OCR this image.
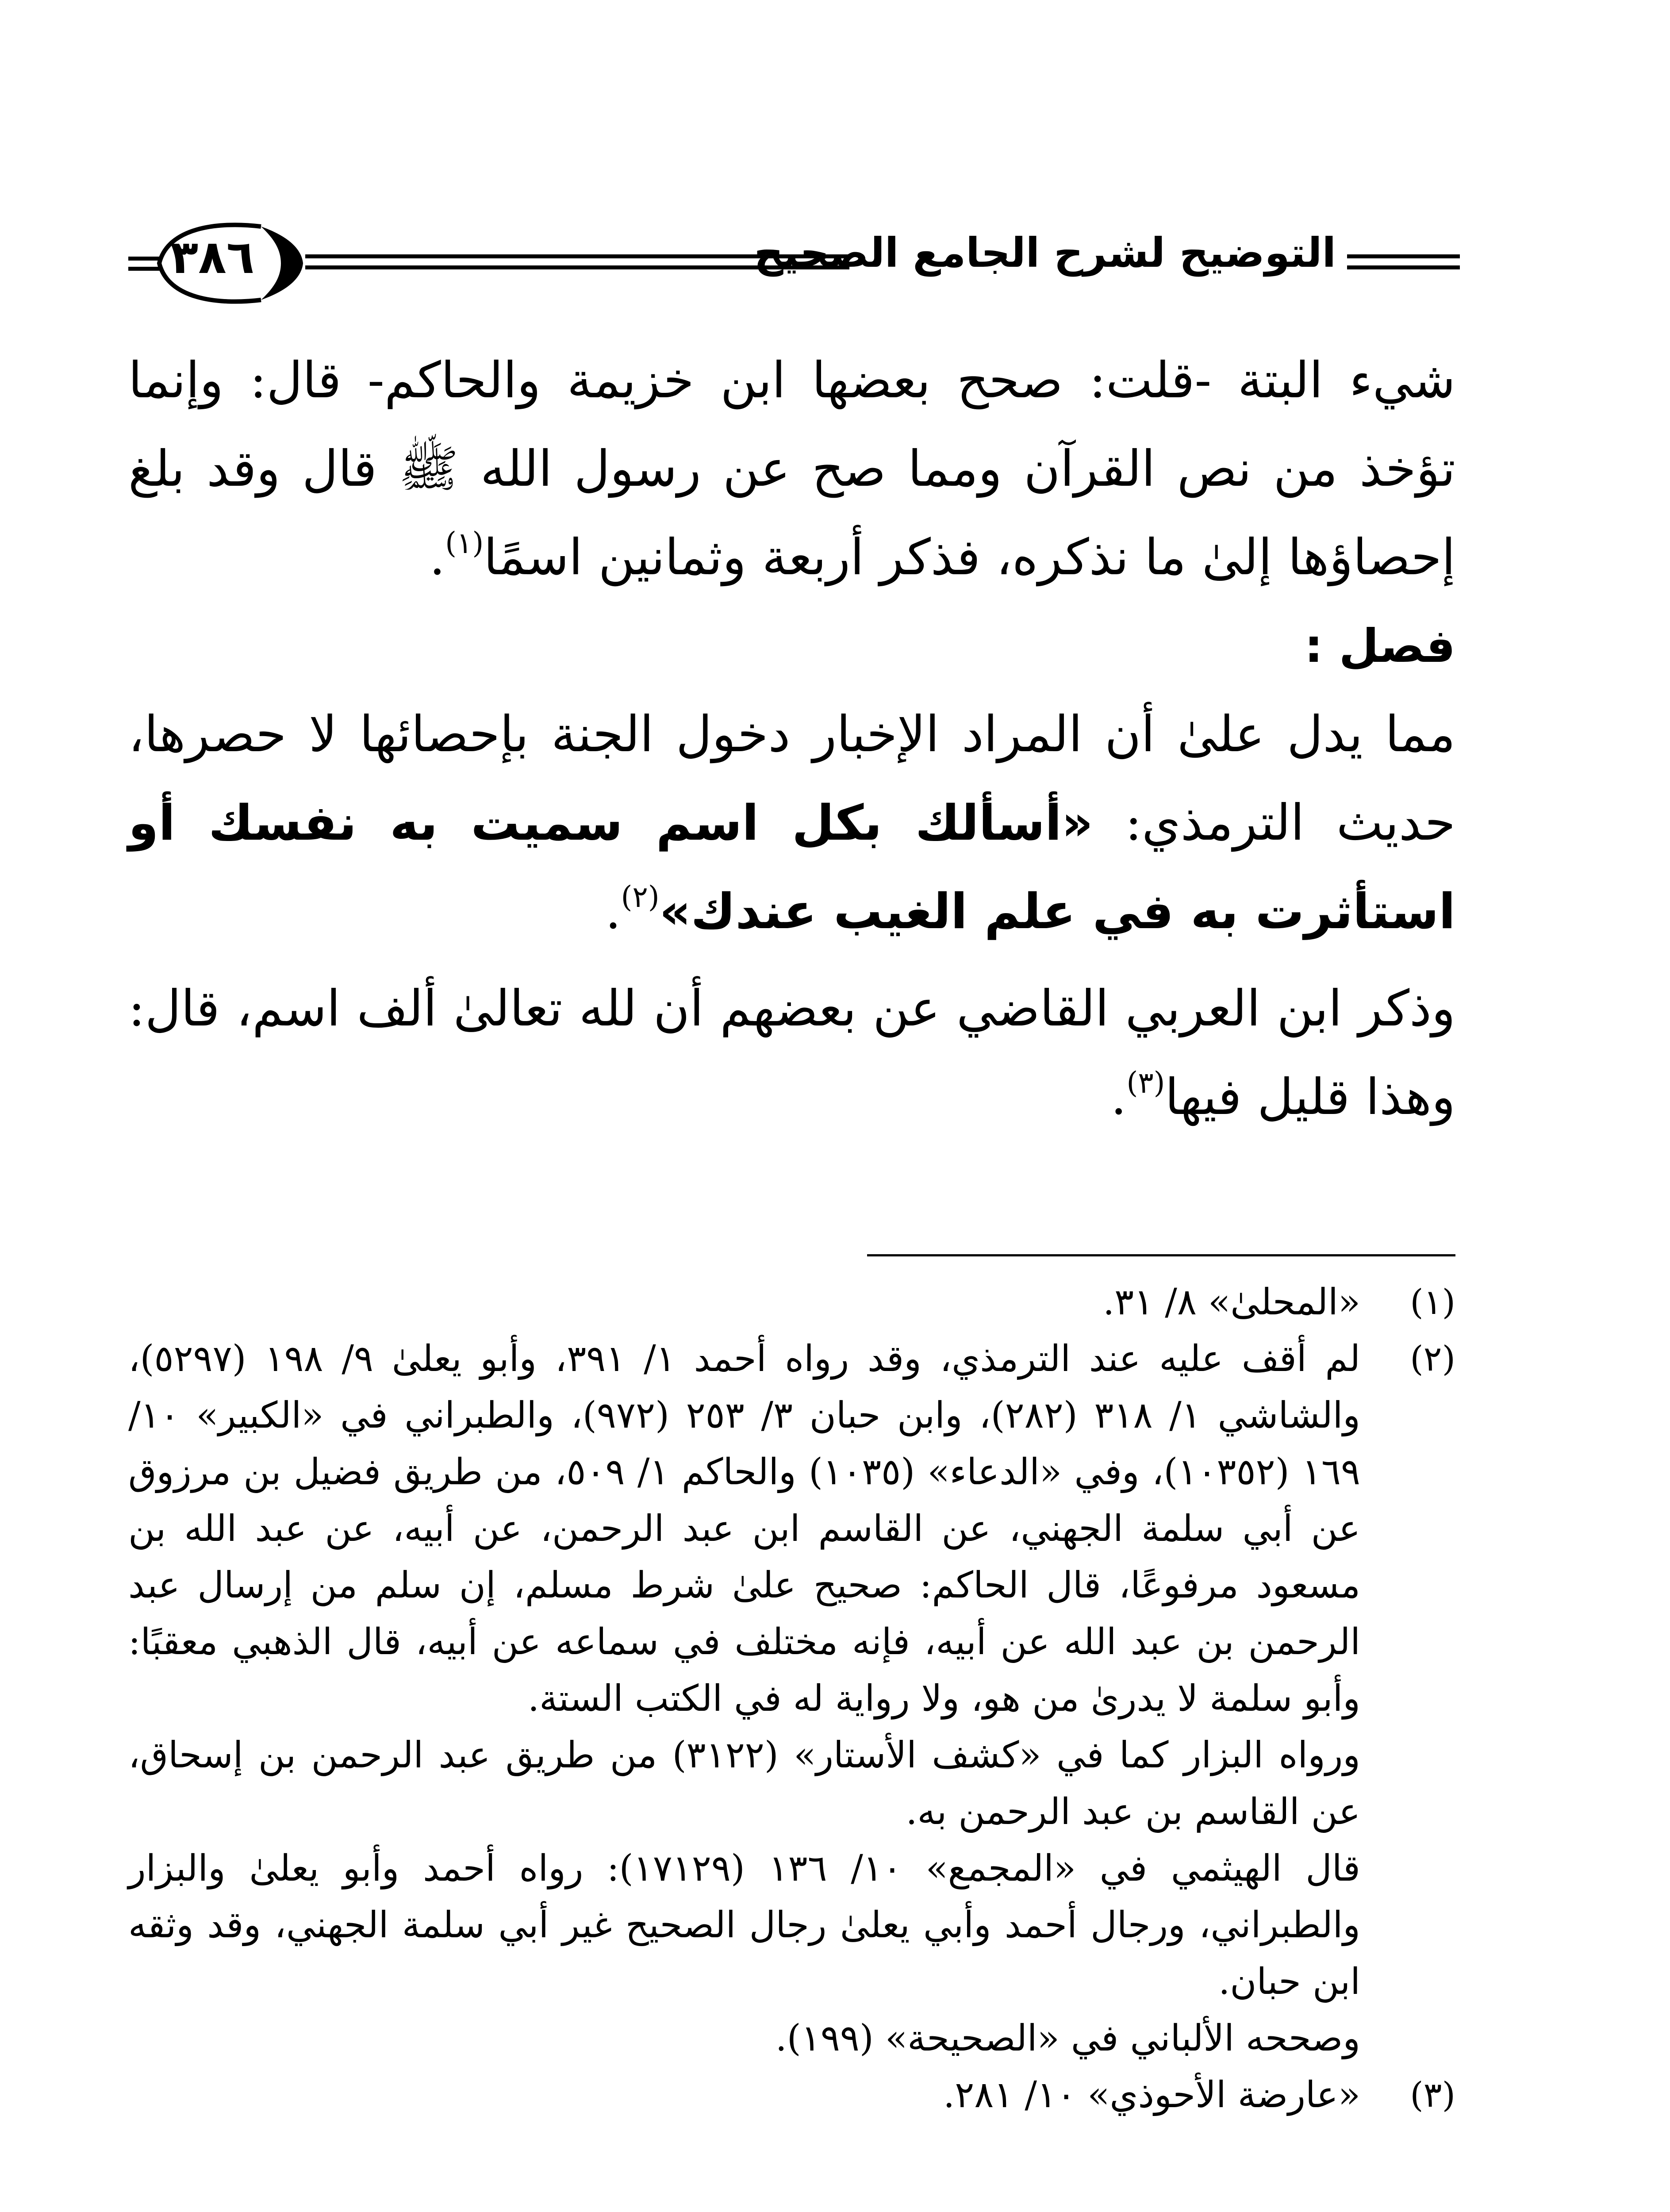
٣٨٦	التوضيح لشرح الجامع الصحيح

شيء البتة -قلت: صحح بعضها ابن خزيمة والحاكم- قال: وإنما تؤخذ من نص القرآن ومما صح عن رسول الله ﷺ قال وقد بلغ إحصاؤها إلىٰ ما نذكره، فذكر أربعة وثمانين اسمًا$^{(١)}$.

فصل :

مما يدل علىٰ أن المراد الإخبار دخول الجنة بإحصائها لا حصرها، حديث الترمذي: «أسألك بكل اسم سميت به نفسك أو استأثرت به في علم الغيب عندك»$^{(٢)}$.

وذكر ابن العربي القاضي عن بعضهم أن لله تعالىٰ ألف اسم، قال: وهذا قليل فيها$^{(٣)}$.

(١)
«المحلىٰ» ٨/ ٣١.

(٢)
لم أقف عليه عند الترمذي، وقد رواه أحمد ١/ ٣٩١، وأبو يعلىٰ ٩/ ١٩٨ (٥٢٩٧)، والشاشي ١/ ٣١٨ (٢٨٢)، وابن حبان ٣/ ٢٥٣ (٩٧٢)، والطبراني في «الكبير» ١٠/ ١٦٩ (١٠٣٥٢)، وفي «الدعاء» (١٠٣٥) والحاكم ١/ ٥٠٩، من طريق فضيل بن مرزوق عن أبي سلمة الجهني، عن القاسم ابن عبد الرحمن، عن أبيه، عن عبد الله بن مسعود مرفوعًا، قال الحاكم: صحيح علىٰ شرط مسلم، إن سلم من إرسال عبد الرحمن بن عبد الله عن أبيه، فإنه مختلف في سماعه عن أبيه، قال الذهبي معقبًا: وأبو سلمة لا يدرىٰ من هو، ولا رواية له في الكتب الستة.

ورواه البزار كما في «كشف الأستار» (٣١٢٢) من طريق عبد الرحمن بن إسحاق، عن القاسم بن عبد الرحمن به.

قال الهيثمي في «المجمع» ١٠/ ١٣٦ (١٧١٢٩): رواه أحمد وأبو يعلىٰ والبزار والطبراني، ورجال أحمد وأبي يعلىٰ رجال الصحيح غير أبي سلمة الجهني، وقد وثقه ابن حبان.

وصححه الألباني في «الصحيحة» (١٩٩).

(٣)
«عارضة الأحوذي» ١٠/ ٢٨١.
